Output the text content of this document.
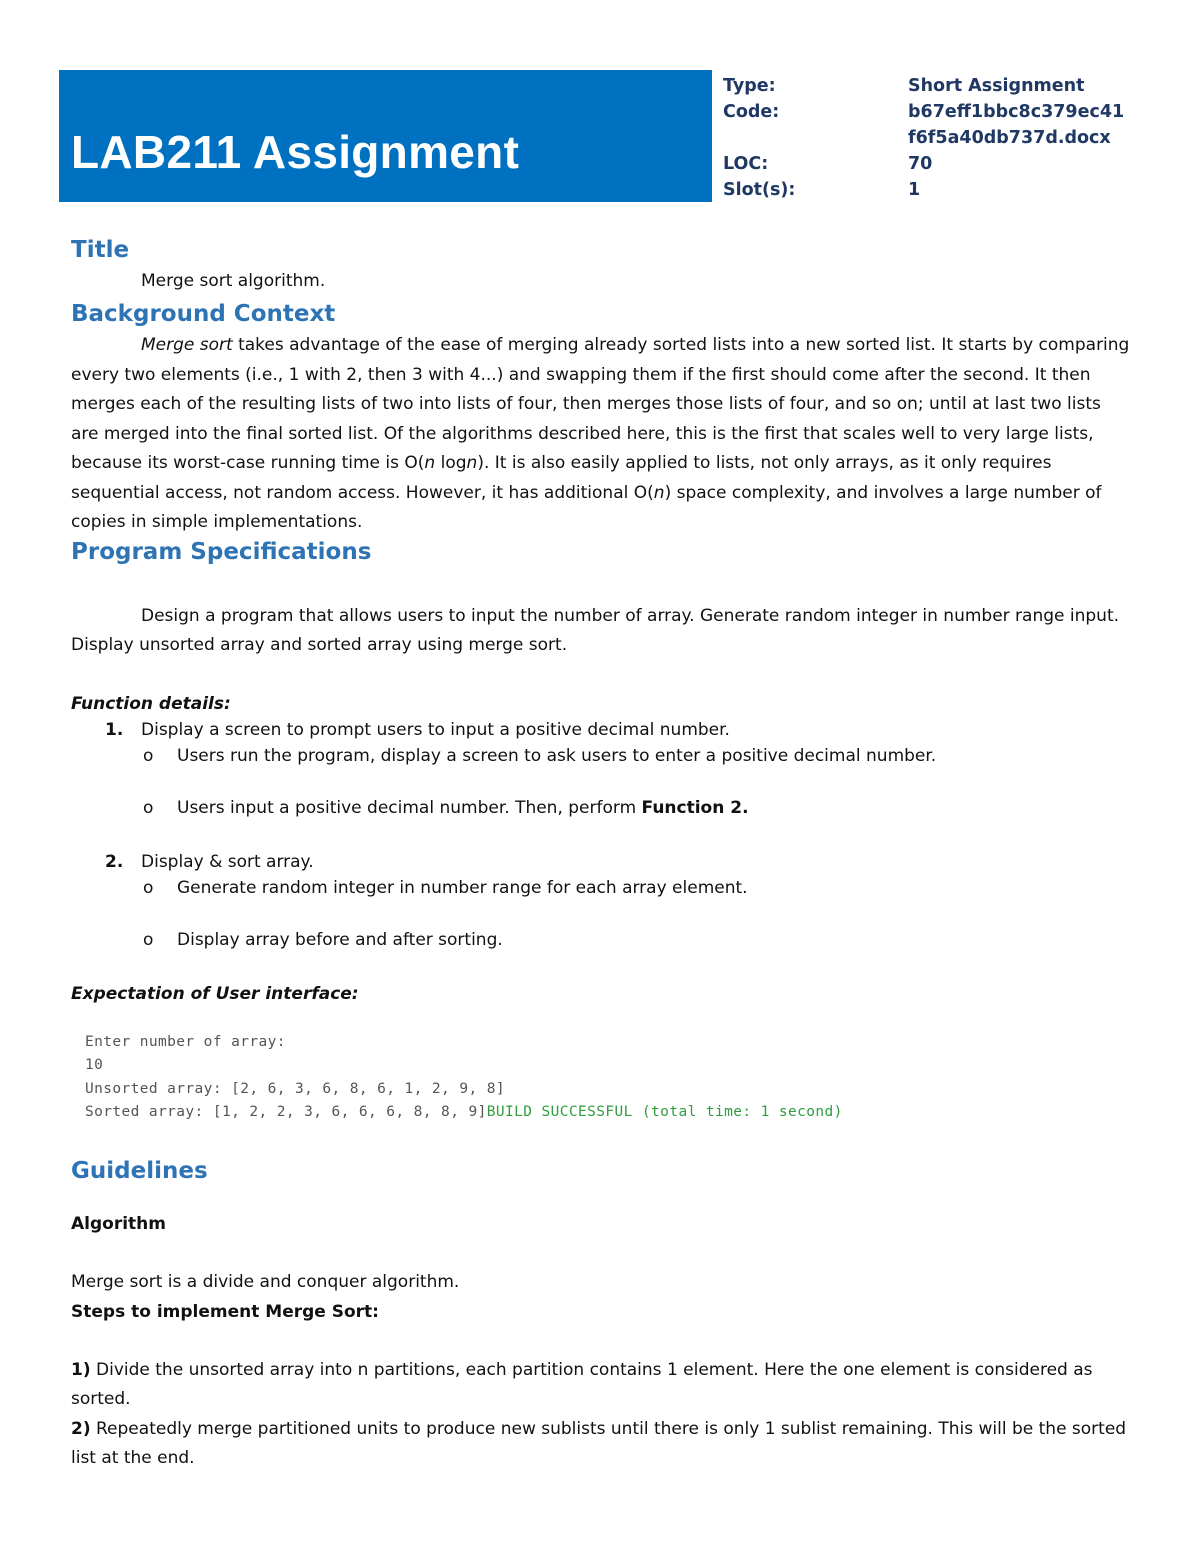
LAB211 Assignment
Type:	Short Assignment
Code:	b67eff1bbc8c379ec41
f6f5a40db737d.docx
LOC:	70
Slot(s):	1
Title

Merge sort algorithm.

Background Context

Merge sort takes advantage of the ease of merging already sorted lists into a new sorted list. It starts by comparing every two elements (i.e., 1 with 2, then 3 with 4...) and swapping them if the first should come after the second. It then merges each of the resulting lists of two into lists of four, then merges those lists of four, and so on; until at last two lists are merged into the final sorted list. Of the algorithms described here, this is the first that scales well to very large lists, because its worst-case running time is O(n logn). It is also easily applied to lists, not only arrays, as it only requires sequential access, not random access. However, it has additional O(n) space complexity, and involves a large number of copies in simple implementations.

Program Specifications

Design a program that allows users to input the number of array. Generate random integer in number range input. Display unsorted array and sorted array using merge sort.

Function details:

1. Display a screen to prompt users to input a positive decimal number.
o Users run the program, display a screen to ask users to enter a positive decimal number.
o Users input a positive decimal number. Then, perform Function 2.
2. Display & sort array.
o Generate random integer in number range for each array element.
o Display array before and after sorting.

Expectation of User interface:

Enter number of array:
10
Unsorted array: [2, 6, 3, 6, 8, 6, 1, 2, 9, 8]
Sorted array: [1, 2, 2, 3, 6, 6, 6, 8, 8, 9]BUILD SUCCESSFUL (total time: 1 second)
Guidelines

Algorithm

Merge sort is a divide and conquer algorithm.

Steps to implement Merge Sort:

1) Divide the unsorted array into n partitions, each partition contains 1 element. Here the one element is considered as sorted.

2) Repeatedly merge partitioned units to produce new sublists until there is only 1 sublist remaining. This will be the sorted list at the end.
